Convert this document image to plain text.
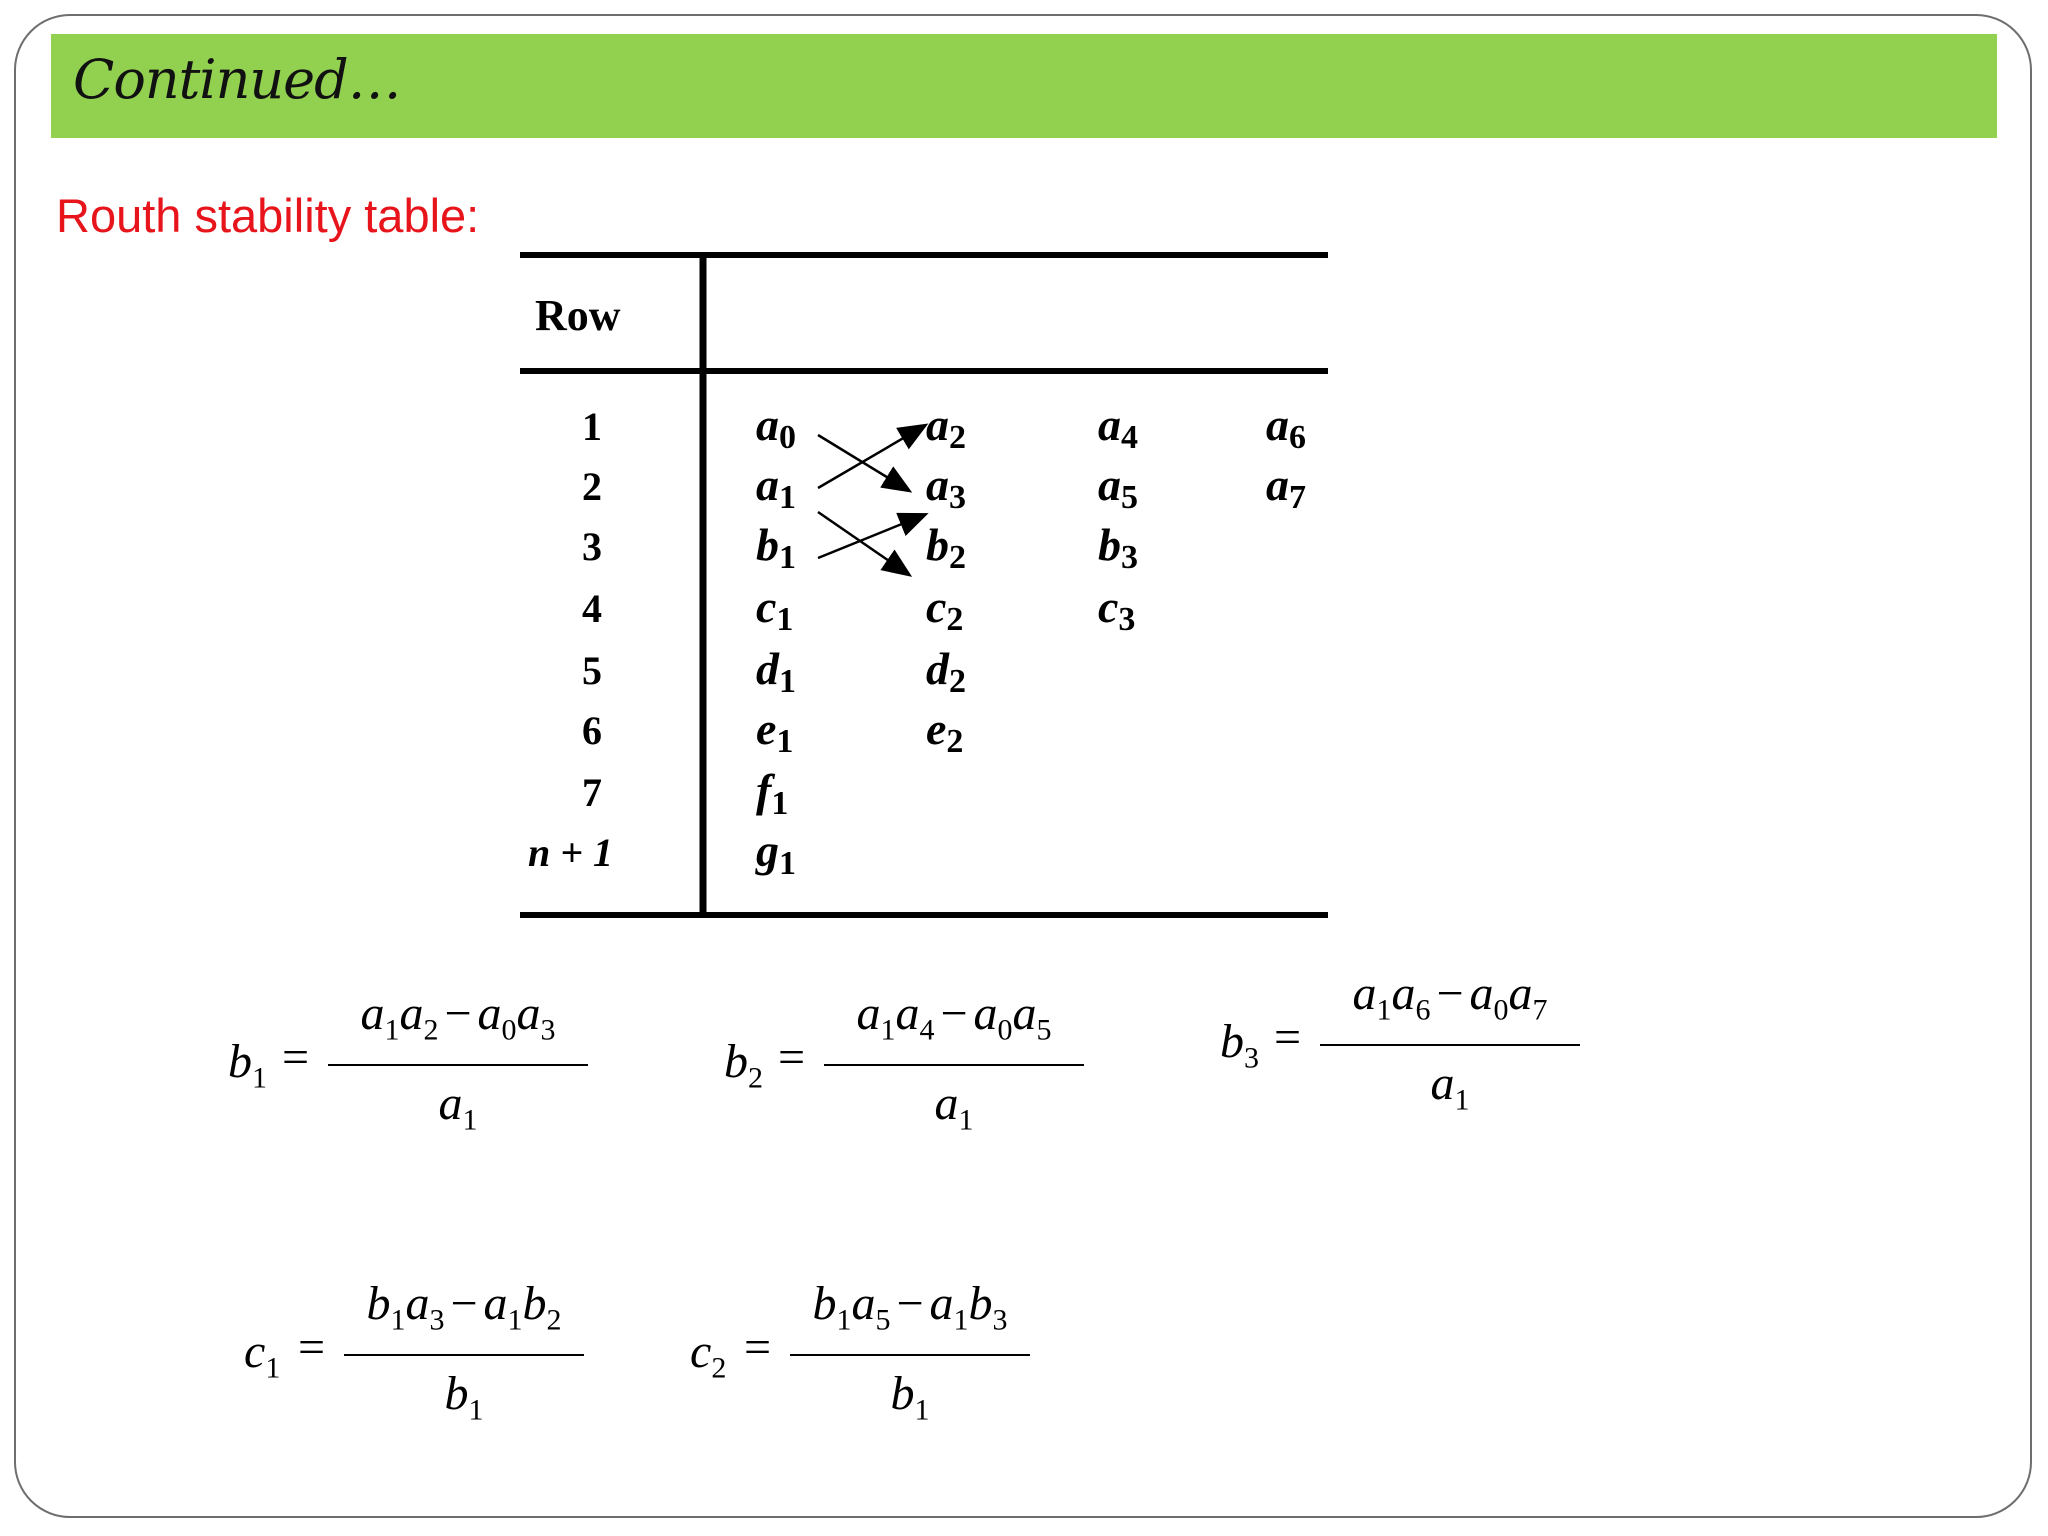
Continued…
Routh stability table:
Row
1
2
3
4
5
6
7
n + 1
a0
a1
b1
c1
d1
e1
f1
g1
a2
a3
b2
c2
d2
e2
a4
a5
b3
c3
a6
a7
$b_1$ =
$a_1a_2 - a_0a_3$
$a_1$
$b_2$ =
$a_1a_4 - a_0a_5$
$a_1$
$b_3$ =
$a_1a_6 - a_0a_7$
$a_1$
$c_1$ =
$b_1a_3 - a_1b_2$
$b_1$
$c_2$ =
$b_1a_5 - a_1b_3$
$b_1$
